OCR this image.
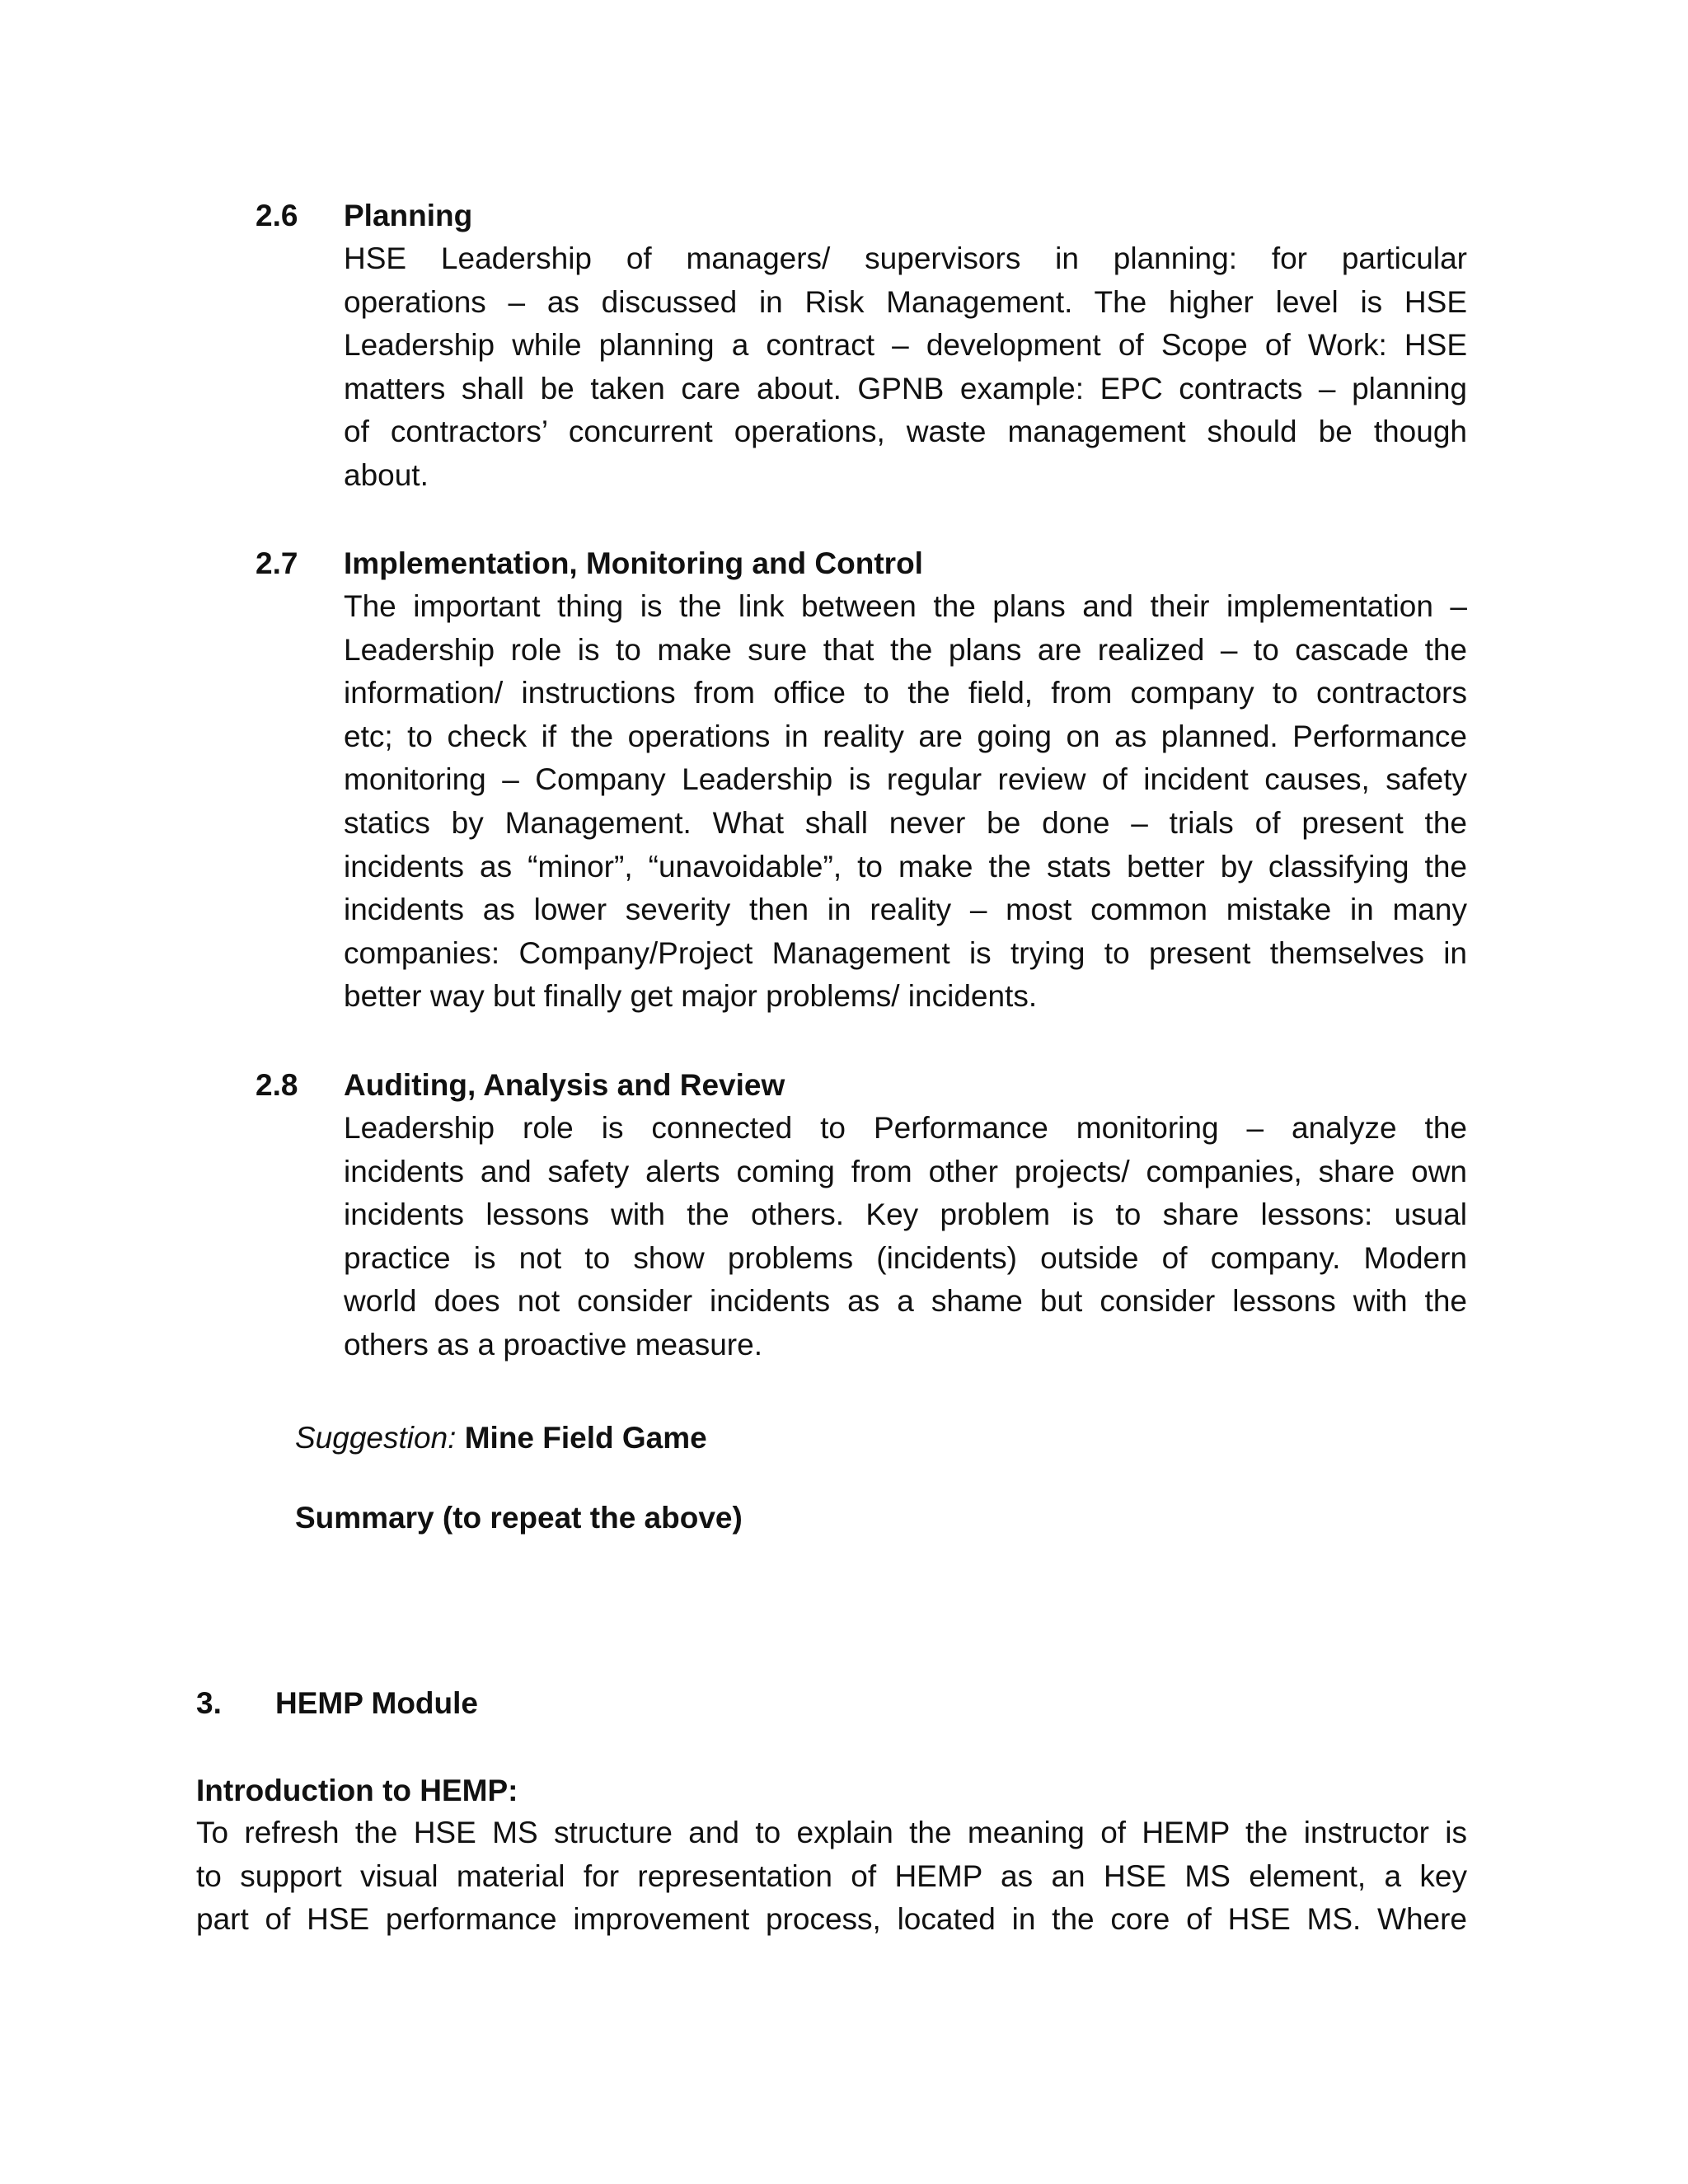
2.6 Planning
HSE Leadership of managers/ supervisors in planning: for particular
operations – as discussed in Risk Management. The higher level is HSE
Leadership while planning a contract – development of Scope of Work: HSE
matters shall be taken care about. GPNB example: EPC contracts – planning
of contractors’ concurrent operations, waste management should be though
about.
2.7 Implementation, Monitoring and Control
The important thing is the link between the plans and their implementation –
Leadership role is to make sure that the plans are realized – to cascade the
information/ instructions from office to the field, from company to contractors
etc; to check if the operations in reality are going on as planned. Performance
monitoring – Company Leadership is regular review of incident causes, safety
statics by Management. What shall never be done – trials of present the
incidents as “minor”, “unavoidable”, to make the stats better by classifying the
incidents as lower severity then in reality – most common mistake in many
companies: Company/Project Management is trying to present themselves in
better way but finally get major problems/ incidents.
2.8 Auditing, Analysis and Review
Leadership role is connected to Performance monitoring – analyze the
incidents and safety alerts coming from other projects/ companies, share own
incidents lessons with the others. Key problem is to share lessons: usual
practice is not to show problems (incidents) outside of company. Modern
world does not consider incidents as a shame but consider lessons with the
others as a proactive measure.
Suggestion: Mine Field Game
Summary (to repeat the above)
3. HEMP Module
Introduction to HEMP:
To refresh the HSE MS structure and to explain the meaning of HEMP the instructor is
to support visual material for representation of HEMP as an HSE MS element, a key
part of HSE performance improvement process, located in the core of HSE MS. Where
